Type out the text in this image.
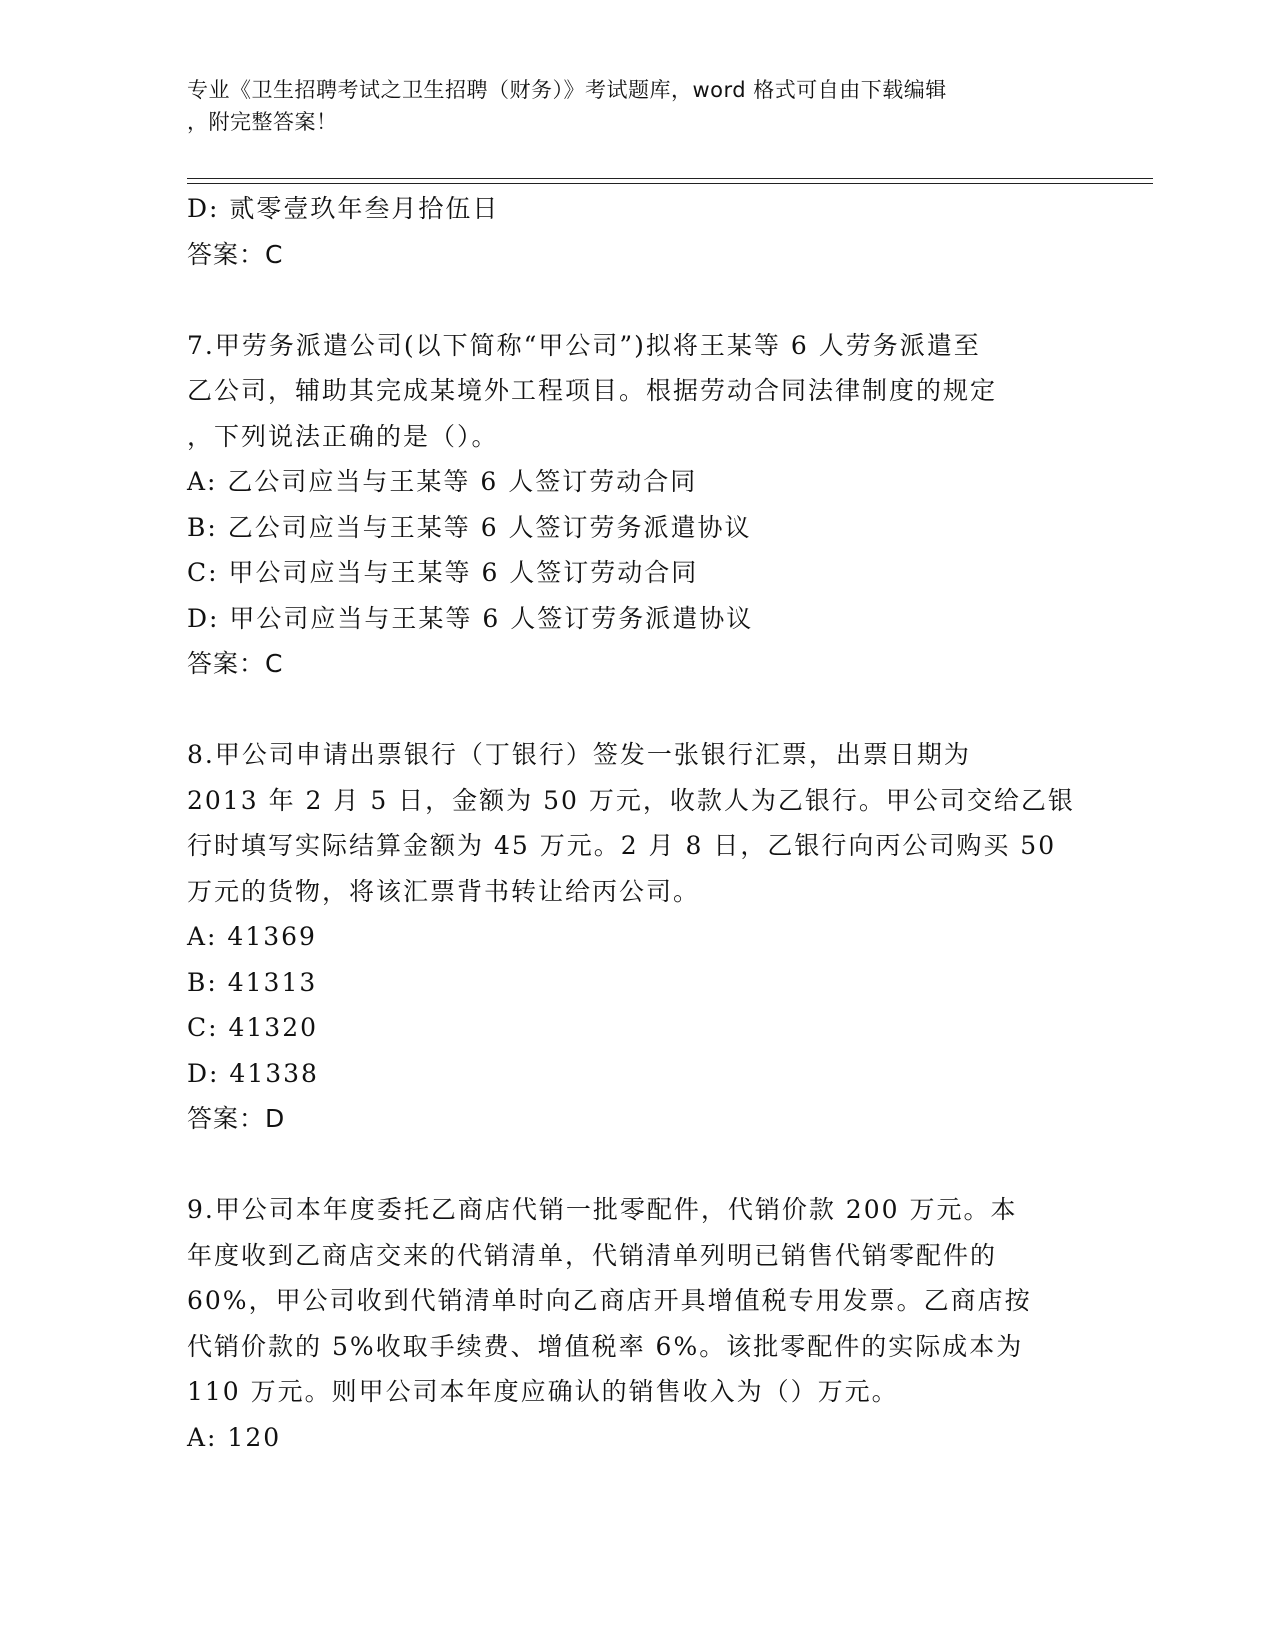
专业《卫生招聘考试之卫生招聘（财务）》考试题库，word 格式可自由下载编辑
，附完整答案！
D: 贰零壹玖年叁月拾伍日
答案：C
7.甲劳务派遣公司(以下简称“甲公司”)拟将王某等 6 人劳务派遣至
乙公司，辅助其完成某境外工程项目。根据劳动合同法律制度的规定
，下列说法正确的是（）。
A: 乙公司应当与王某等 6 人签订劳动合同
B: 乙公司应当与王某等 6 人签订劳务派遣协议
C: 甲公司应当与王某等 6 人签订劳动合同
D: 甲公司应当与王某等 6 人签订劳务派遣协议
答案：C
8.甲公司申请出票银行（丁银行）签发一张银行汇票，出票日期为
2013 年 2 月 5 日，金额为 50 万元，收款人为乙银行。甲公司交给乙银
行时填写实际结算金额为 45 万元。2 月 8 日，乙银行向丙公司购买 50
万元的货物，将该汇票背书转让给丙公司。
A: 41369
B: 41313
C: 41320
D: 41338
答案：D
9.甲公司本年度委托乙商店代销一批零配件，代销价款 200 万元。本
年度收到乙商店交来的代销清单，代销清单列明已销售代销零配件的
60%，甲公司收到代销清单时向乙商店开具增值税专用发票。乙商店按
代销价款的 5%收取手续费、增值税率 6%。该批零配件的实际成本为
110 万元。则甲公司本年度应确认的销售收入为（）万元。
A: 120
